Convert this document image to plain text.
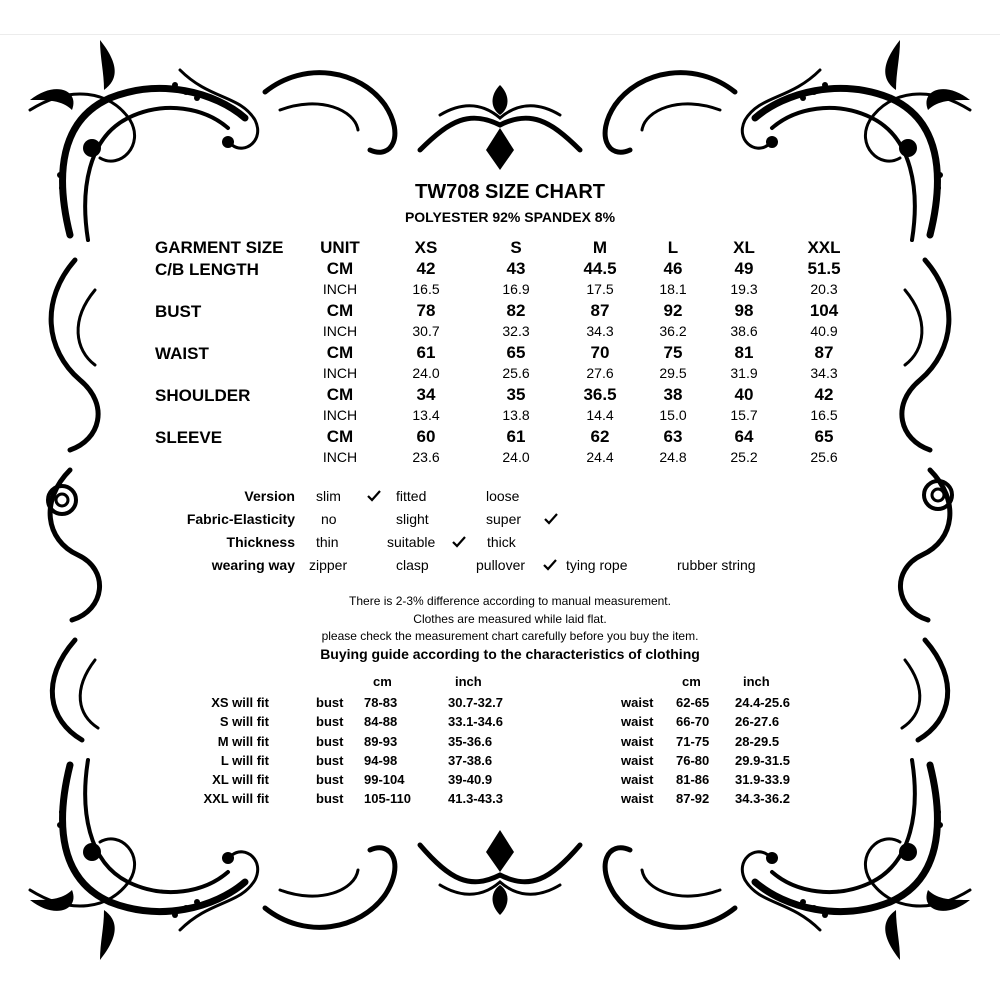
TW708 SIZE CHART
POLYESTER 92% SPANDEX 8%
GARMENT SIZE	UNIT	XS	S	M	L	XL	XXL
C/B LENGTH	CM	42	43	44.5	46	49	51.5
INCH	16.5	16.9	17.5	18.1	19.3	20.3
BUST	CM	78	82	87	92	98	104
INCH	30.7	32.3	34.3	36.2	38.6	40.9
WAIST	CM	61	65	70	75	81	87
INCH	24.0	25.6	27.6	29.5	31.9	34.3
SHOULDER	CM	34	35	36.5	38	40	42
INCH	13.4	13.8	14.4	15.0	15.7	16.5
SLEEVE	CM	60	61	62	63	64	65
INCH	23.6	24.0	24.4	24.8	25.2	25.6
Version slim	fitted	loose
Fabric-Elasticity no	slight	super
Thickness thin	suitable	thick
wearing way zipper	clasp	pullover	tying rope	rubber string
There is 2-3% difference according to manual measurement.
Clothes are measured while laid flat.
please check the measurement chart carefully before you buy the item.
Buying guide according to the characteristics of clothing
cm	inch	cm	inch
XS will fit	bust 78-83	30.7-32.7	waist 62-65 24.4-25.6
S will fit	bust 84-88	33.1-34.6	waist 66-70 26-27.6
M will fit	bust 89-93	35-36.6	waist 71-75 28-29.5
L will fit	bust 94-98	37-38.6	waist 76-80 29.9-31.5
XL will fit	bust 99-104	39-40.9	waist 81-86 31.9-33.9
XXL will fit	bust 105-110	41.3-43.3	waist 87-92 34.3-36.2
